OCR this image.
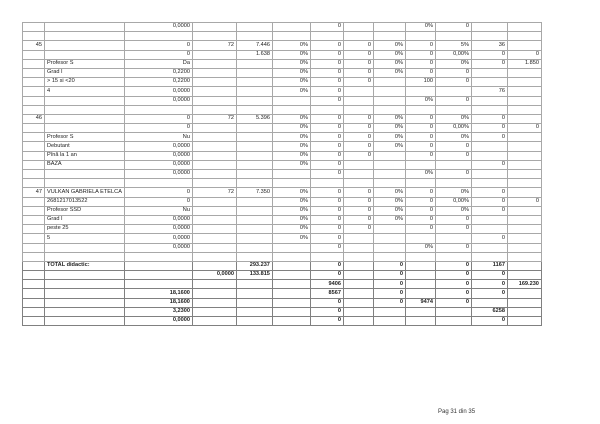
		0,0000				0			0%	0		

45		0	72	7.446	0%	0	0	0%	0	5%	36	
		0		1.638	0%	0	0	0%	0	0,00%	0	0
	Profesor S	Da			0%	0	0	0%	0	0%	0	1.850
	Grad I	0,2200			0%	0	0	0%	0	0		
	> 15 si <20	0,2200			0%	0	0		100	0		
	4	0,0000			0%	0					76	
		0,0000				0			0%	0		

46		0	72	5.396	0%	0	0	0%	0	0%	0	
		0			0%	0	0	0%	0	0,00%	0	0
	Profesor S	Nu			0%	0	0	0%	0	0%	0	
	Debutant	0,0000			0%	0	0	0%	0	0		
	Pînă la 1 an	0,0000			0%	0	0		0	0		
	BAZA	0,0000			0%	0					0	
		0,0000				0			0%	0		

47	VULKAN GABRIELA ETELCA	0	72	7.350	0%	0	0	0%	0	0%	0	
	2681217013522	0			0%	0	0	0%	0	0,00%	0	0
	Profesor SSD	Nu			0%	0	0	0%	0	0%	0	
	Grad I	0,0000			0%	0	0	0%	0	0		
	peste 25	0,0000			0%	0	0		0	0		
	5	0,0000			0%	0					0	
		0,0000				0			0%	0		

	TOTAL didactic:			293.237		0		0		0	1167	
			0,0000	133.815		0		0		0	0	
						9406		0		0	0	169.230
		18,1600				8567		0		0	0	
		18,1600				0		0	9474	0		
		3,2300				0					6258	
		0,0000				0					0	
Pag 31 din 35
